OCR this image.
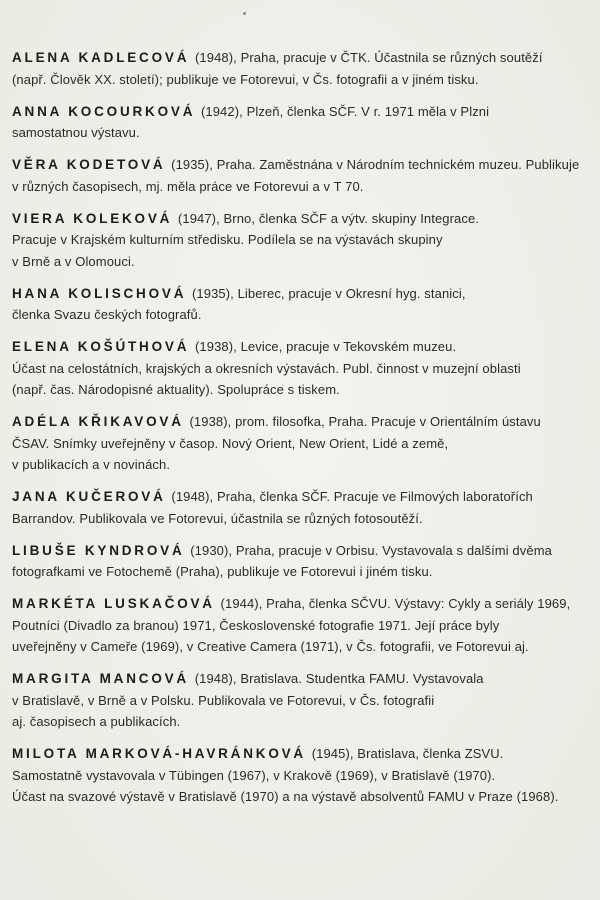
ALENA KADLECOVÁ (1948), Praha, pracuje v ČTK. Účastnila se různých soutěží
(např. Člověk XX. století); publikuje ve Fotorevui, v Čs. fotografii a v jiném tisku.

ANNA KOCOURKOVÁ (1942), Plzeň, členka SČF. V r. 1971 měla v Plzni
samostatnou výstavu.

VĚRA KODETOVÁ (1935), Praha. Zaměstnána v Národním technickém muzeu. Publikuje
v různých časopisech, mj. měla práce ve Fotorevui a v T 70.

VIERA KOLEKOVÁ (1947), Brno, členka SČF a výtv. skupiny Integrace.
Pracuje v Krajském kulturním středisku. Podílela se na výstavách skupiny
v Brně a v Olomouci.

HANA KOLISCHOVÁ (1935), Liberec, pracuje v Okresní hyg. stanici,
členka Svazu českých fotografů.

ELENA KOŠÚTHOVÁ (1938), Levice, pracuje v Tekovském muzeu.
Účast na celostátních, krajských a okresních výstavách. Publ. činnost v muzejní oblasti
(např. čas. Národopisné aktuality). Spolupráce s tiskem.

ADÉLA KŘIKAVOVÁ (1938), prom. filosofka, Praha. Pracuje v Orientálním ústavu
ČSAV. Snímky uveřejněny v časop. Nový Orient, New Orient, Lidé a země,
v publikacích a v novinách.

JANA KUČEROVÁ (1948), Praha, členka SČF. Pracuje ve Filmových laboratořích
Barrandov. Publikovala ve Fotorevui, účastnila se různých fotosoutěží.

LIBUŠE KYNDROVÁ (1930), Praha, pracuje v Orbisu. Vystavovala s dalšími dvěma
fotografkami ve Fotochemě (Praha), publikuje ve Fotorevui i jiném tisku.

MARKÉTA LUSKAČOVÁ (1944), Praha, členka SČVU. Výstavy: Cykly a seriály 1969,
Poutníci (Divadlo za branou) 1971, Československé fotografie 1971. Její práce byly
uveřejněny v Cameře (1969), v Creative Camera (1971), v Čs. fotografii, ve Fotorevui aj.

MARGITA MANCOVÁ (1948), Bratislava. Studentka FAMU. Vystavovala
v Bratislavě, v Brně a v Polsku. Publikovala ve Fotorevui, v Čs. fotografii
aj. časopisech a publikacích.

MILOTA MARKOVÁ-HAVRÁNKOVÁ (1945), Bratislava, členka ZSVU.
Samostatně vystavovala v Tübingen (1967), v Krakově (1969), v Bratislavě (1970).
Účast na svazové výstavě v Bratislavě (1970) a na výstavě absolventů FAMU v Praze (1968).
